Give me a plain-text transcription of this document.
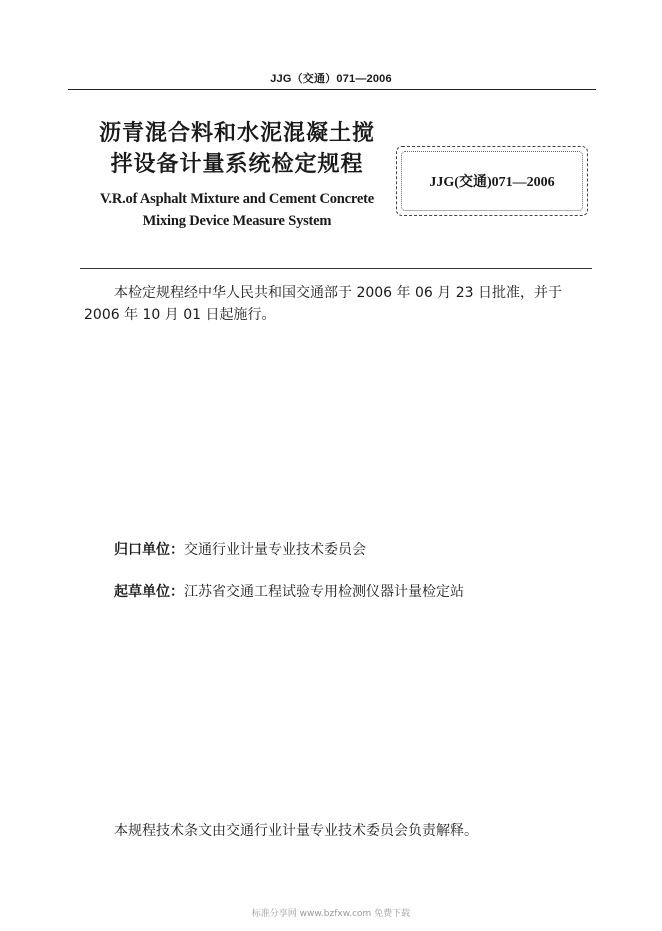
JJG（交通）071—2006

沥青混合料和水泥混凝土搅

拌设备计量系统检定规程

V.R.of Asphalt Mixture and Cement Concrete
Mixing Device Measure System
JJG(交通)071—2006

本检定规程经中华人民共和国交通部于 2006 年 06 月 23 日批准，并于 2006 年 10 月 01 日起施行。

归口单位：交通行业计量专业技术委员会

起草单位：江苏省交通工程试验专用检测仪器计量检定站

本规程技术条文由交通行业计量专业技术委员会负责解释。

标准分享网 www.bzfxw.com 免费下载
